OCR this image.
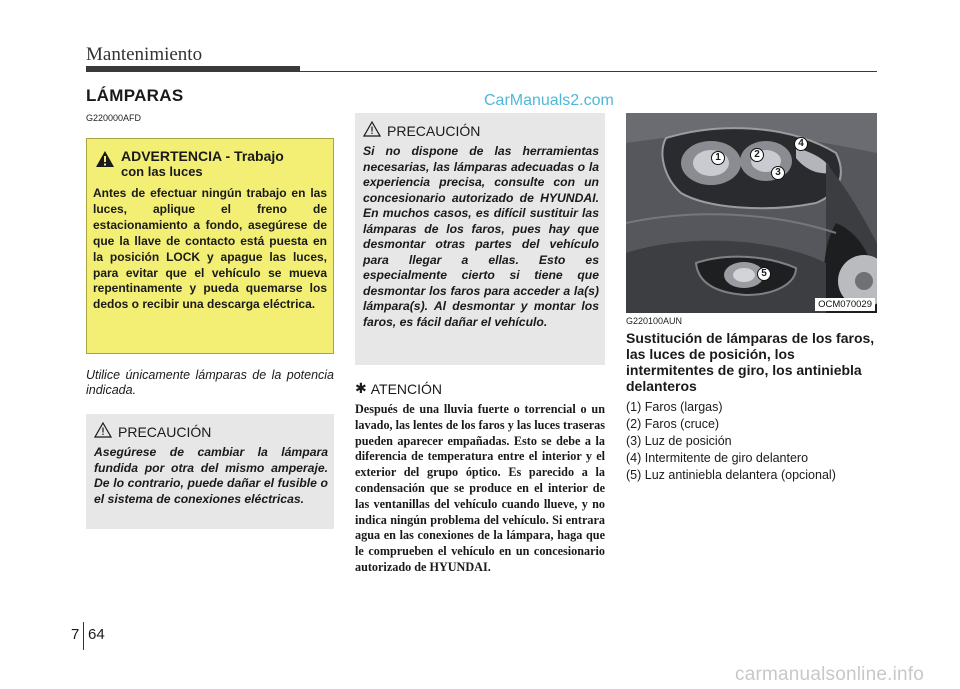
Mantenimiento
LÁMPARAS
G220000AFD
CarManuals2.com
ADVERTENCIA - Trabajo
con las luces
Antes de efectuar ningún trabajo en las luces, aplique el freno de estacionamiento a fondo, asegúrese de que la llave de contacto está puesta en la posición LOCK y apague las luces, para evitar que el vehículo se mueva repentinamente y pueda quemarse los dedos o recibir una descarga eléctrica.
Utilice únicamente lámparas de la potencia indicada.
PRECAUCIÓN
Asegúrese de cambiar la lámpara fundida por otra del mismo amperaje. De lo contrario, puede dañar el fusible o el sistema de conexiones eléctricas.
PRECAUCIÓN
Si no dispone de las herramientas necesarias, las lámparas adecuadas o la experiencia precisa, consulte con un concesionario autorizado de HYUNDAI. En muchos casos, es difícil sustituir las lámparas de los faros, pues hay que desmontar otras partes del vehículo para llegar a ellas. Esto es especialmente cierto si tiene que desmontar los faros para acceder a la(s) lámpara(s). Al desmontar y montar los faros, es fácil dañar el vehículo.
✱ ATENCIÓN
Después de una lluvia fuerte o torrencial o un lavado, las lentes de los faros y las luces traseras pueden aparecer empañadas. Esto se debe a la diferencia de temperatura entre el interior y el exterior del grupo óptico. Es parecido a la condensación que se produce en el interior de las ventanillas del vehículo cuando llueve, y no indica ningún problema del vehículo. Si entrara agua en las conexiones de la lámpara, haga que le comprueben el vehículo en un concesionario autorizado de HYUNDAI.
1	2
3
4
5
OCM070029
G220100AUN
Sustitución de lámparas de los faros, las luces de posición, los intermitentes de giro, los antiniebla delanteros
(1) Faros (largas)
(2) Faros (cruce)
(3) Luz de posición
(4) Intermitente de giro delantero
(5) Luz antiniebla delantera (opcional)
7 64
carmanualsonline.info
